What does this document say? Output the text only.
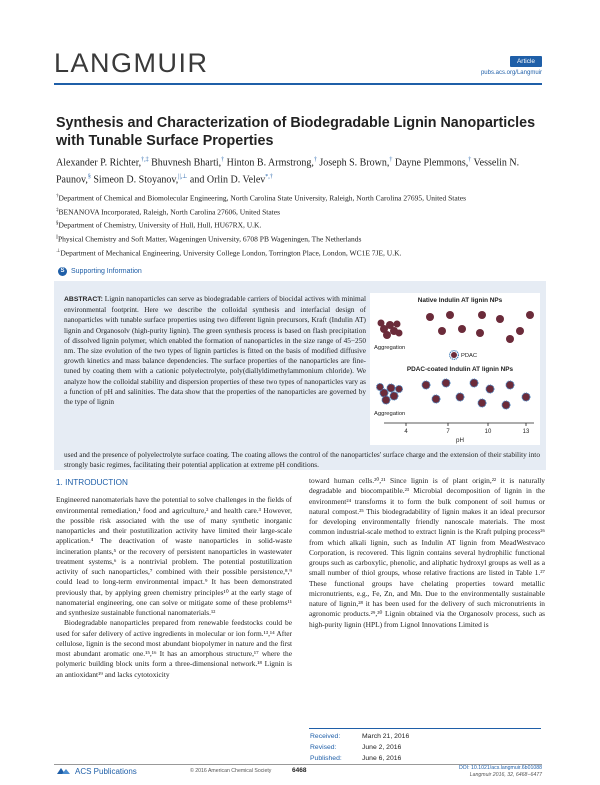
LANGMUIR	Article
pubs.acs.org/Langmuir
Synthesis and Characterization of Biodegradable Lignin Nanoparticles with Tunable Surface Properties
Alexander P. Richter,†,‡ Bhuvnesh Bharti,† Hinton B. Armstrong,† Joseph S. Brown,† Dayne Plemmons,† Vesselin N. Paunov,§ Simeon D. Stoyanov,||,⊥ and Orlin D. Velev*,†
†Department of Chemical and Biomolecular Engineering, North Carolina State University, Raleigh, North Carolina 27695, United States
‡BENANOVA Incorporated, Raleigh, North Carolina 27606, United States
§Department of Chemistry, University of Hull, Hull, HU67RX, U.K.
||Physical Chemistry and Soft Matter, Wageningen University, 6708 PB Wageningen, The Netherlands
⊥Department of Mechanical Engineering, University College London, Torrington Place, London, WC1E 7JE, U.K.
S Supporting Information
ABSTRACT: Lignin nanoparticles can serve as biodegradable carriers of biocidal actives with minimal environmental footprint. Here we describe the colloidal synthesis and interfacial design of nanoparticles with tunable surface properties using two different lignin precursors, Kraft (Indulin AT) lignin and Organosolv (high-purity lignin). The green synthesis process is based on flash precipitation of dissolved lignin polymer, which enabled the formation of nanoparticles in the size range of 45−250 nm. The size evolution of the two types of lignin particles is fitted on the basis of modified diffusive growth kinetics and mass balance dependencies. The surface properties of the nanoparticles are fine-tuned by coating them with a cationic polyelectrolyte, poly(diallyldimethylammonium chloride). We analyze how the colloidal stability and dispersion properties of these two types of nanoparticles vary as a function of pH and salinities. The data show that the properties of the nanoparticles are governed by the type of lignin
used and the presence of polyelectrolyte surface coating. The coating allows the control of the nanoparticles' surface charge and the extension of their stability into strongly basic regimes, facilitating their potential application at extreme pH conditions.
Native Indulin AT lignin NPs
Aggregation
PDAC
PDAC-coated Indulin AT lignin NPs
Aggregation
4	7	10	13
pH
1. INTRODUCTION

Engineered nanomaterials have the potential to solve challenges in the fields of environmental remediation,¹ food and agriculture,² and health care.³ However, the possible risk associated with the use of many synthetic inorganic nanoparticles and their postutilization activity have limited their large-scale application.⁴ The deactivation of waste nanoparticles in solid-waste incineration plants,⁵ or the recovery of persistent nanoparticles in wastewater treatment systems,⁶ is a nontrivial problem. The potential postutilization activity of such nanoparticles,⁷ combined with their possible persistence,⁸,⁹ could lead to long-term environmental impact.⁹ It has been demonstrated previously that, by applying green chemistry principles¹⁰ at the early stage of nanomaterial engineering, one can solve or mitigate some of these problems¹¹ and synthesize sustainable functional nanomaterials.¹²

Biodegradable nanoparticles prepared from renewable feedstocks could be used for safer delivery of active ingredients in molecular or ion form.¹³,¹⁴ After cellulose, lignin is the second most abundant biopolymer in nature and the first most abundant aromatic one.¹⁵,¹⁶ It has an amorphous structure,¹⁷ where the polymeric building block units form a three-dimensional network.¹⁸ Lignin is an antioxidant¹⁹ and lacks cytotoxicity

toward human cells.²⁰,²¹ Since lignin is of plant origin,²² it is naturally degradable and biocompatible.²³ Microbial decomposition of lignin in the environment²⁴ transforms it to form the bulk component of soil humus or natural compost.²⁵ This biodegradability of lignin makes it an ideal precursor for developing environmentally friendly nanoscale materials. The most common industrial-scale method to extract lignin is the Kraft pulping process²⁶ from which alkali lignin, such as Indulin AT lignin from MeadWestvaco Corporation, is recovered. This lignin contains several hydrophilic functional groups such as carboxylic, phenolic, and aliphatic hydroxyl groups as well as a small number of thiol groups, whose relative fractions are listed in Table 1.²⁷ These functional groups have chelating properties toward metallic micronutrients, e.g., Fe, Zn, and Mn. Due to the environmentally sustainable nature of lignin,²⁸ it has been used for the delivery of such micronutrients in agronomic products.²⁹,³⁰ Lignin obtained via the Organosolv process, such as high-purity lignin (HPL) from Lignol Innovations Limited is

Received:	March 21, 2016
Revised:	June 2, 2016
Published:	June 6, 2016
ACS Publications	© 2016 American Chemical Society	6468	DOI: 10.1021/acs.langmuir.6b01088
Langmuir 2016, 32, 6468−6477
